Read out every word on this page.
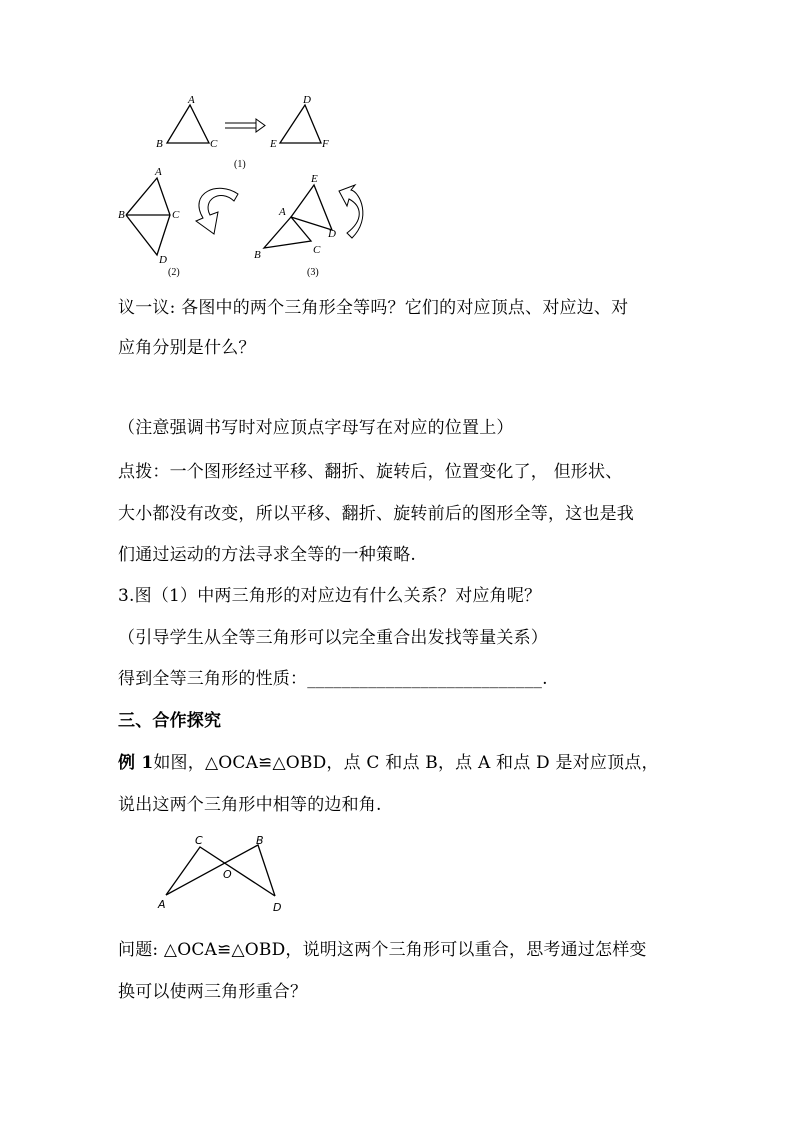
A
B	C
D
E	F
(1)
A
B	C
D
(2)
E
A
D
C
B
(3)
议一议: 各图中的两个三角形全等吗？它们的对应顶点、对应边、对
应角分别是什么？
（注意强调书写时对应顶点字母写在对应的位置上）
点拨：一个图形经过平移、翻折、旋转后，位置变化了， 但形状、
大小都没有改变，所以平移、翻折、旋转前后的图形全等，这也是我
们通过运动的方法寻求全等的一种策略.
3.图（1）中两三角形的对应边有什么关系？对应角呢？
（引导学生从全等三角形可以完全重合出发找等量关系）
得到全等三角形的性质：___________________________.
三、合作探究
例 1如图，△OCA≌△OBD，点 C 和点 B，点 A 和点 D 是对应顶点，
说出这两个三角形中相等的边和角.
C	B
O
A	D
问题: △OCA≌△OBD，说明这两个三角形可以重合，思考通过怎样变
换可以使两三角形重合？
